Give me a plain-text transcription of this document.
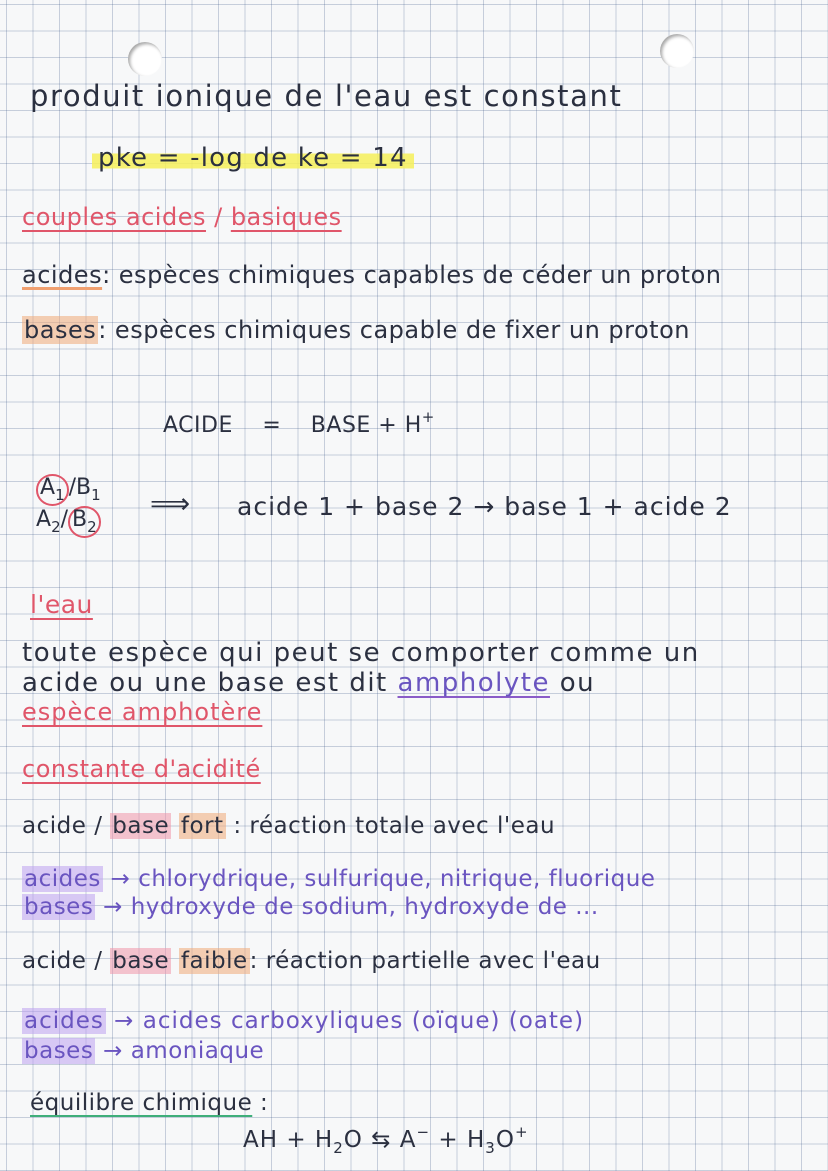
produit ionique de l'eau est constant
pke = -log de ke = 14
couples acides / basiques
acides: espèces chimiques capables de céder un proton
bases: espèces chimiques capable de fixer un proton
ACIDE = BASE + H+
$A_1$ $/B_1$
$A_2/$ $B_2$
⟹ acide 1 + base 2 → base 1 + acide 2
l'eau
toute espèce qui peut se comporter comme un
acide ou une base est dit ampholyte ou
espèce amphotère
constante d'acidité
acide / base fort : réaction totale avec l'eau
acides → chlorydrique, sulfurique, nitrique, fluorique
bases → hydroxyde de sodium, hydroxyde de ...
acide / base faible: réaction partielle avec l'eau
acides → acides carboxyliques (oïque) (oate)
bases → amoniaque
équilibre chimique :
AH + $H_2O$ ⇆ $A^- + H_3O^+$
